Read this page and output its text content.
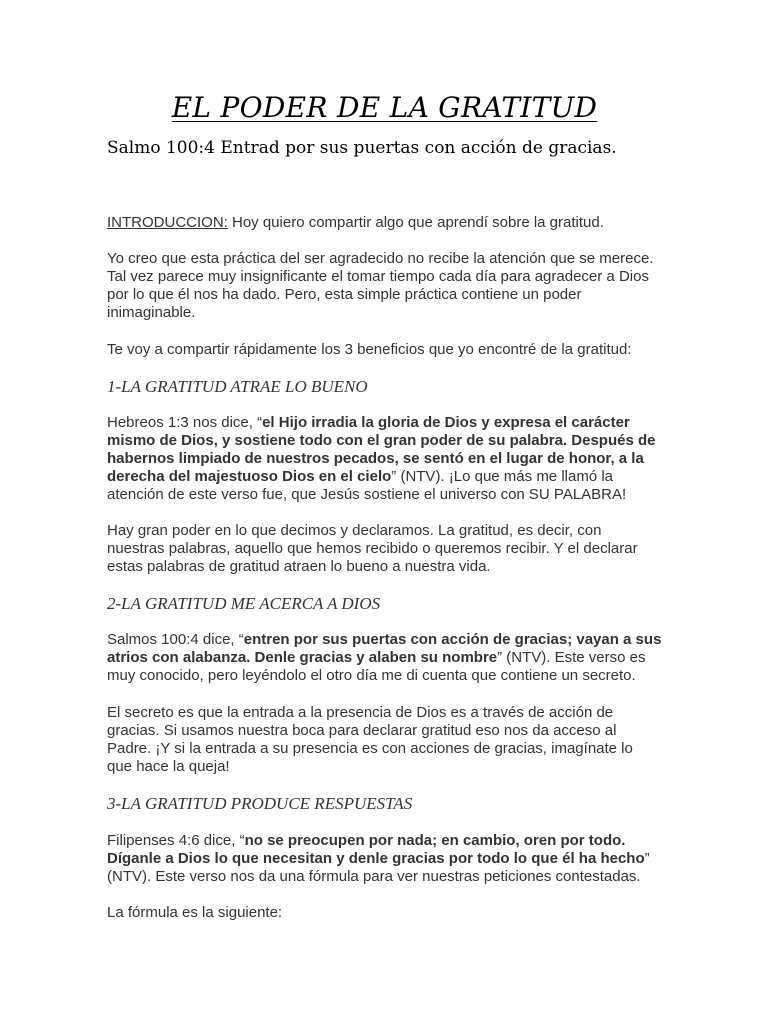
EL PODER DE LA GRATITUD

Salmo 100:4 Entrad por sus puertas con acción de gracias.

INTRODUCCION: Hoy quiero compartir algo que aprendí sobre la gratitud.

Yo creo que esta práctica del ser agradecido no recibe la atención que se merece. Tal vez parece muy insignificante el tomar tiempo cada día para agradecer a Dios por lo que él nos ha dado. Pero, esta simple práctica contiene un poder inimaginable.

Te voy a compartir rápidamente los 3 beneficios que yo encontré de la gratitud:

1-LA GRATITUD ATRAE LO BUENO

Hebreos 1:3 nos dice, “el Hijo irradia la gloria de Dios y expresa el carácter mismo de Dios, y sostiene todo con el gran poder de su palabra. Después de habernos limpiado de nuestros pecados, se sentó en el lugar de honor, a la derecha del majestuoso Dios en el cielo” (NTV). ¡Lo que más me llamó la atención de este verso fue, que Jesús sostiene el universo con SU PALABRA!

Hay gran poder en lo que decimos y declaramos. La gratitud, es decir, con nuestras palabras, aquello que hemos recibido o queremos recibir. Y el declarar estas palabras de gratitud atraen lo bueno a nuestra vida.

2-LA GRATITUD ME ACERCA A DIOS

Salmos 100:4 dice, “entren por sus puertas con acción de gracias; vayan a sus atrios con alabanza. Denle gracias y alaben su nombre” (NTV). Este verso es muy conocido, pero leyéndolo el otro día me di cuenta que contiene un secreto.

El secreto es que la entrada a la presencia de Dios es a través de acción de gracias. Si usamos nuestra boca para declarar gratitud eso nos da acceso al Padre. ¡Y si la entrada a su presencia es con acciones de gracias, imagínate lo que hace la queja!

3-LA GRATITUD PRODUCE RESPUESTAS

Filipenses 4:6 dice, “no se preocupen por nada; en cambio, oren por todo. Díganle a Dios lo que necesitan y denle gracias por todo lo que él ha hecho” (NTV). Este verso nos da una fórmula para ver nuestras peticiones contestadas.

La fórmula es la siguiente:
